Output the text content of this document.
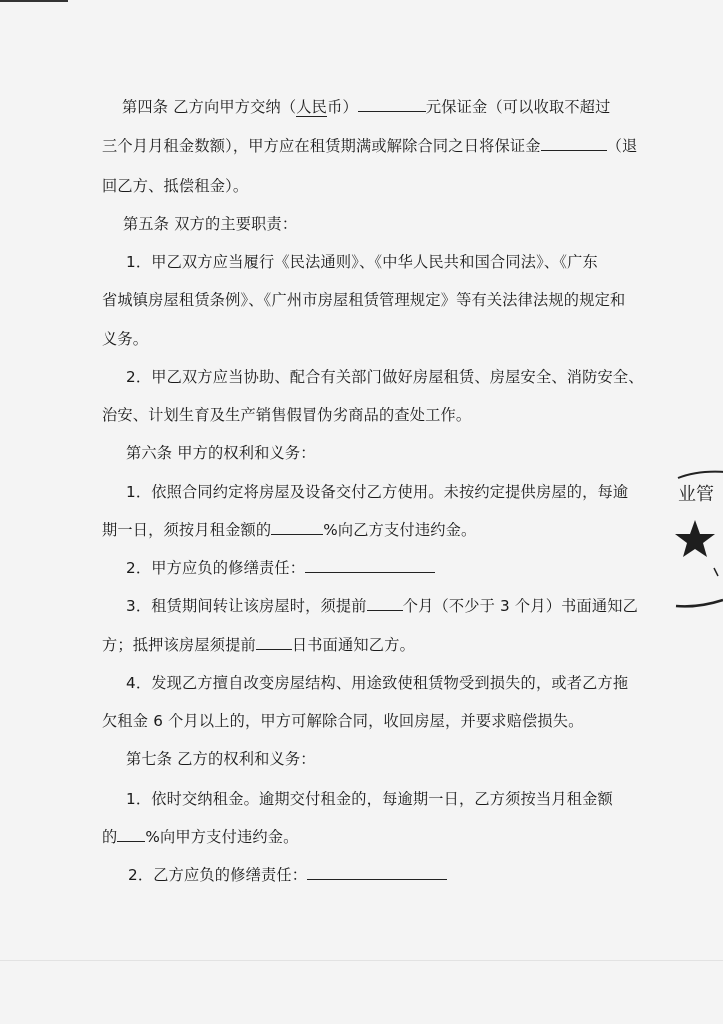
第四条 乙方向甲方交纳（人民币）	元保证金（可以收取不超过
三个月月租金数额），甲方应在租赁期满或解除合同之日将保证金	（退
回乙方、抵偿租金）。
第五条 双方的主要职责：
1．甲乙双方应当履行《民法通则》、《中华人民共和国合同法》、《广东
省城镇房屋租赁条例》、《广州市房屋租赁管理规定》等有关法律法规的规定和
义务。
2．甲乙双方应当协助、配合有关部门做好房屋租赁、房屋安全、消防安全、
治安、计划生育及生产销售假冒伪劣商品的查处工作。
第六条 甲方的权利和义务：
1．依照合同约定将房屋及设备交付乙方使用。未按约定提供房屋的，每逾
期一日，须按月租金额的	%向乙方支付违约金。
2．甲方应负的修缮责任：
3．租赁期间转让该房屋时，须提前 个月（不少于 3 个月）书面通知乙
方；抵押该房屋须提前 日书面通知乙方。
4．发现乙方擅自改变房屋结构、用途致使租赁物受到损失的，或者乙方拖
欠租金 6 个月以上的，甲方可解除合同，收回房屋，并要求赔偿损失。
第七条 乙方的权利和义务：
1．依时交纳租金。逾期交付租金的，每逾期一日，乙方须按当月租金额
的 %向甲方支付违约金。
2．乙方应负的修缮责任：
业管
